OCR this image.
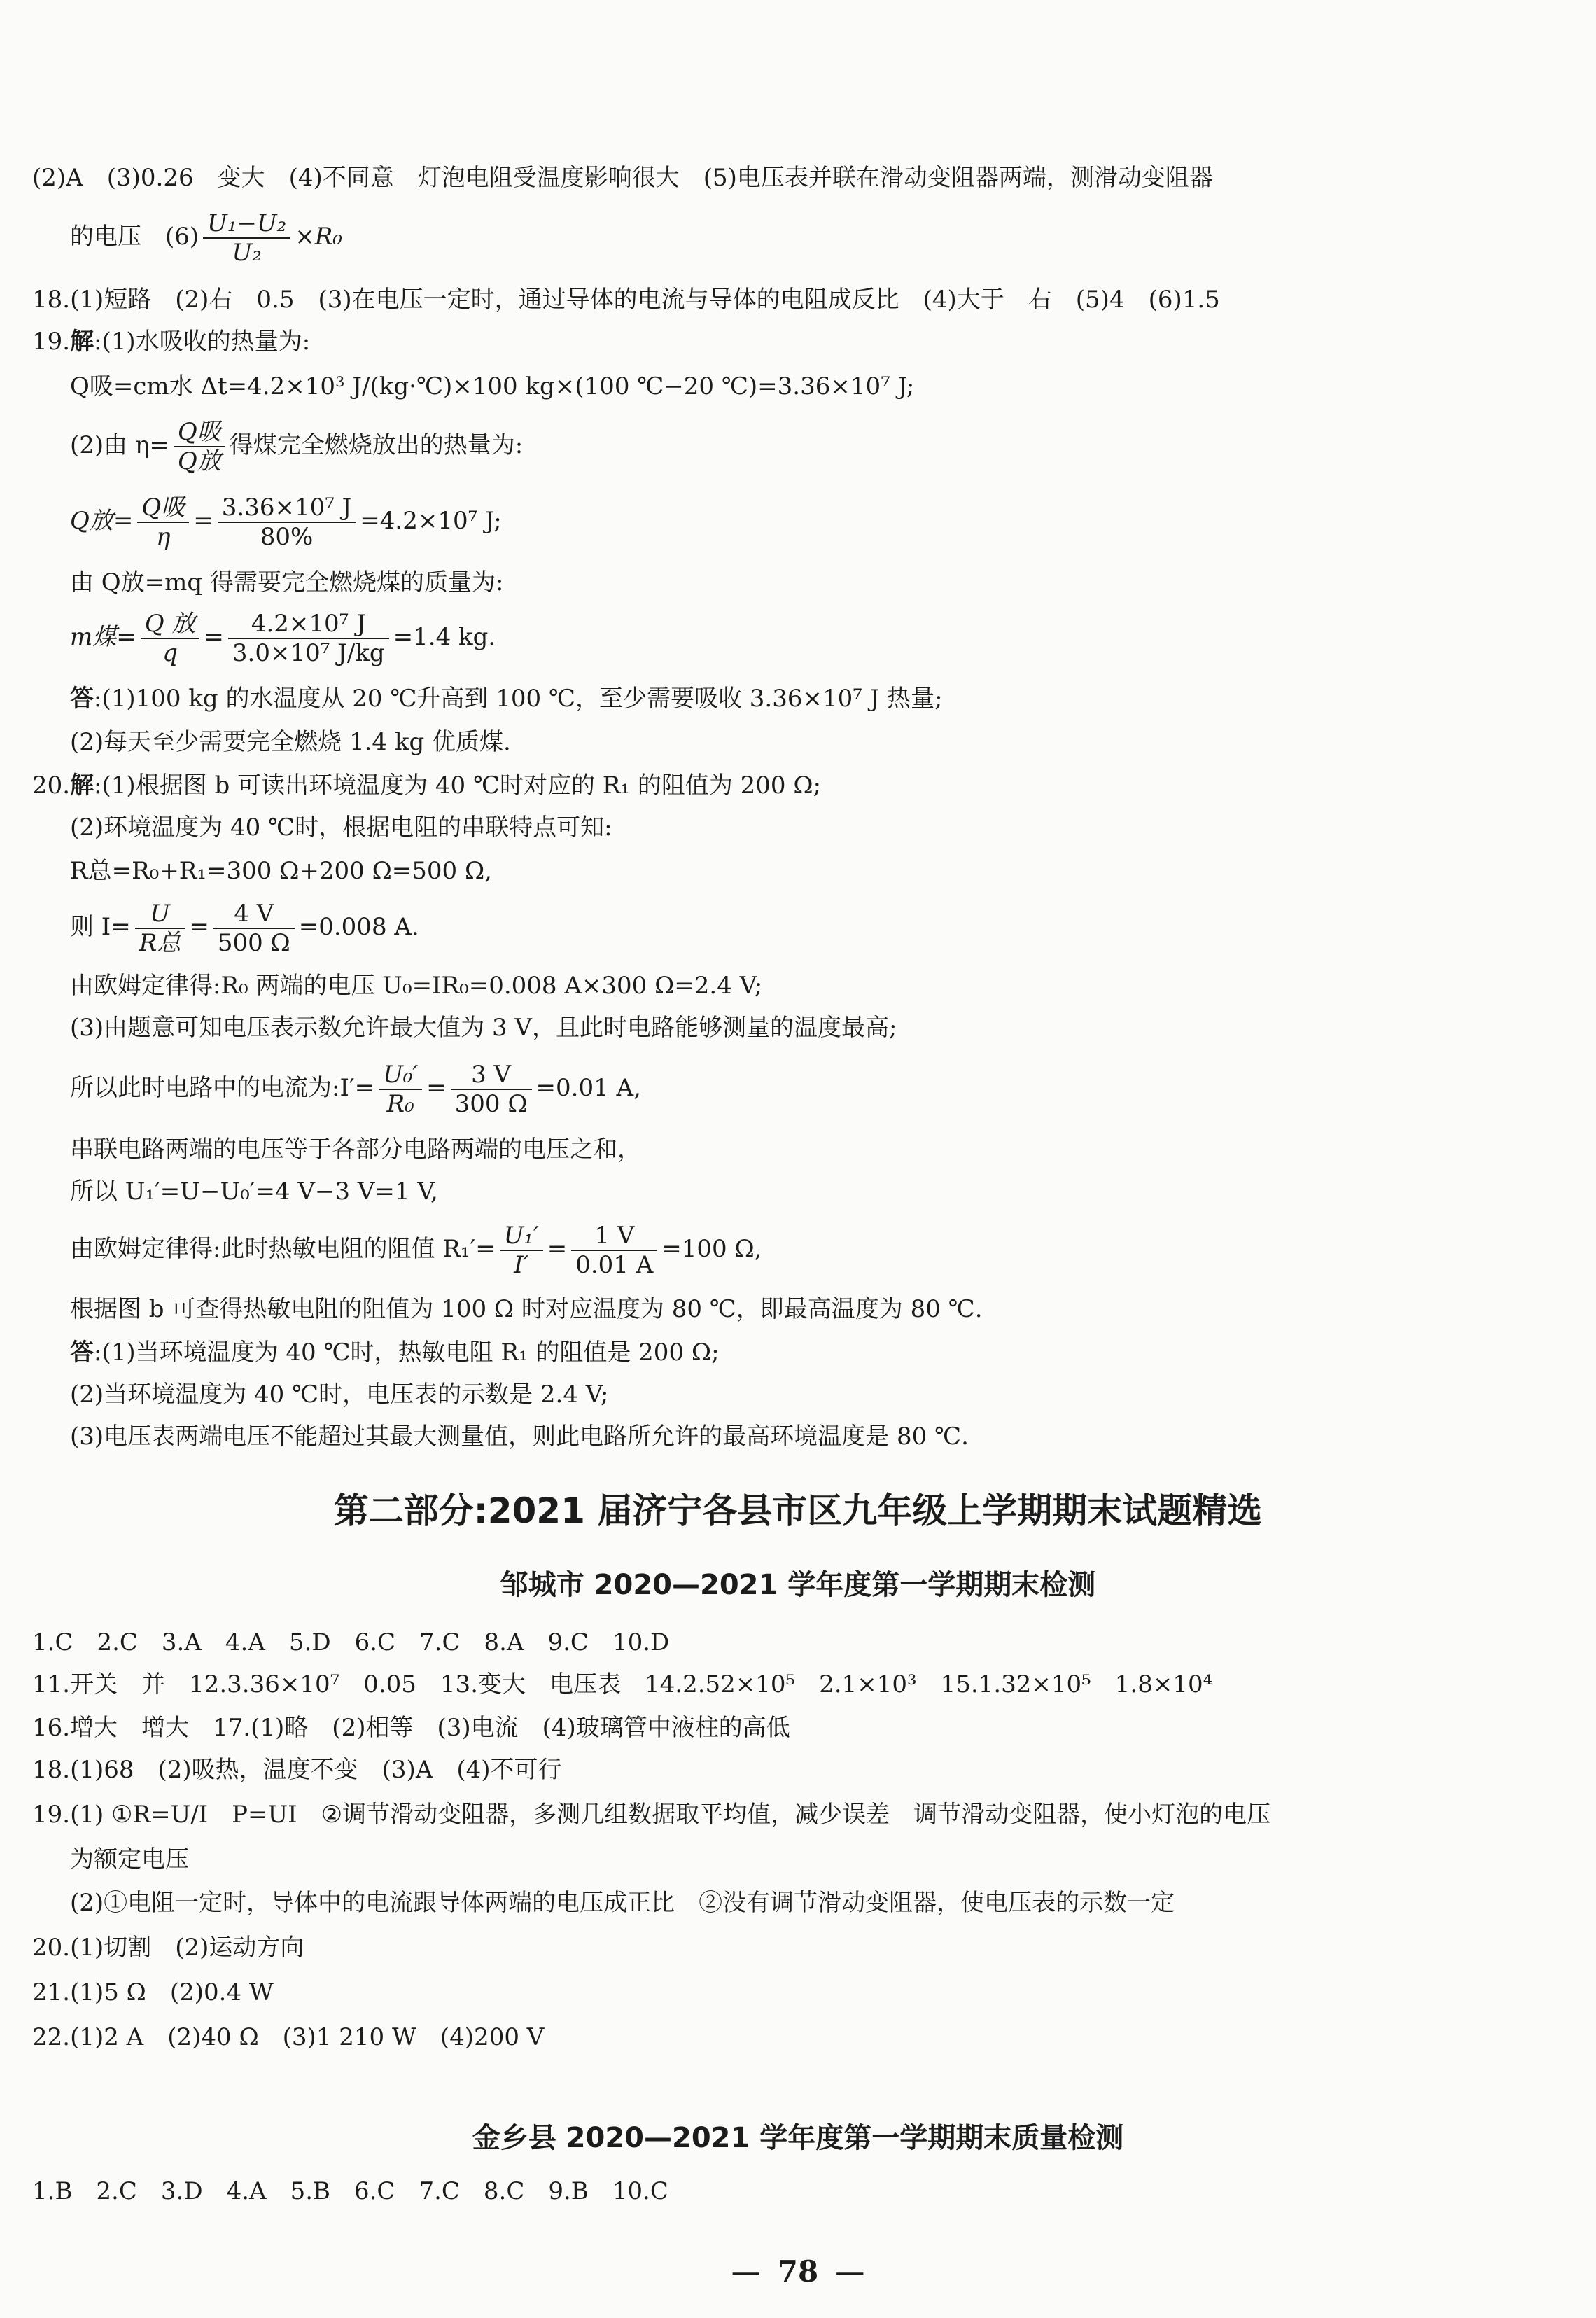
(2)A　(3)0.26　变大　(4)不同意　灯泡电阻受温度影响很大　(5)电压表并联在滑动变阻器两端，测滑动变阻器
的电压　$(6) \frac{\text{U₁−U₂}}{\text{U₂}} \times R_0$
18.(1)短路　(2)右　0.5　(3)在电压一定时，通过导体的电流与导体的电阻成反比　(4)大于　右　(5)4　(6)1.5
19.解:(1)水吸收的热量为:
Q吸=cm水 Δt=4.2×10³ J/(kg·℃)×100 kg×(100 ℃−20 ℃)=3.36×10⁷ J;
(2)由 $\eta= \frac{\text{Q吸}}{\text{Q放}}$ 得煤完全燃烧放出的热量为:
Q放= $\frac{\text{Q吸}}{\eta} = \frac{\text{3.36×10⁷ J}}{80\%} =4.2\times 10^7$ J;
由 Q放=mq 得需要完全燃烧煤的质量为:
m煤= $\frac{\text{Q 放}}{q} = \frac{\text{4.2×10⁷ J}}{\text{3.0×10⁷ J/kg}} =1.4$ kg.
答:(1)100 kg 的水温度从 20 ℃升高到 100 ℃，至少需要吸收 3.36×10⁷ J 热量;
(2)每天至少需要完全燃烧 1.4 kg 优质煤.
20.解:(1)根据图 b 可读出环境温度为 40 ℃时对应的 R₁ 的阻值为 200 Ω;
(2)环境温度为 40 ℃时，根据电阻的串联特点可知:
R总=R₀+R₁=300 Ω+200 Ω=500 Ω,
则 $I= \frac{U}{\text{R总}} = \frac{4 V}{500 \Omega} =0.008$ A.
由欧姆定律得:R₀ 两端的电压 U₀=IR₀=0.008 A×300 Ω=2.4 V;
(3)由题意可知电压表示数允许最大值为 3 V，且此时电路能够测量的温度最高;
所以此时电路中的电流为:I′= $\frac{\text{U₀′}}{\text{R₀}} = \frac{3 V}{300 \Omega} =0.01$ A,
串联电路两端的电压等于各部分电路两端的电压之和，
所以 U₁′=U−U₀′=4 V−3 V=1 V,
由欧姆定律得:此时热敏电阻的阻值 $R_1'= \frac{\text{U₁′}}{I'} = \frac{1 V}{0.01 A} =100$ Ω,
根据图 b 可查得热敏电阻的阻值为 100 Ω 时对应温度为 80 ℃，即最高温度为 80 ℃.
答:(1)当环境温度为 40 ℃时，热敏电阻 R₁ 的阻值是 200 Ω;
(2)当环境温度为 40 ℃时，电压表的示数是 2.4 V;
(3)电压表两端电压不能超过其最大测量值，则此电路所允许的最高环境温度是 80 ℃.
第二部分:2021 届济宁各县市区九年级上学期期末试题精选
邹城市 2020—2021 学年度第一学期期末检测
1.C　2.C　3.A　4.A　5.D　6.C　7.C　8.A　9.C　10.D
11.开关　并　12.3.36×10⁷　0.05　13.变大　电压表　14.2.52×10⁵　2.1×10³　15.1.32×10⁵　1.8×10⁴
16.增大　增大　17.(1)略　(2)相等　(3)电流　(4)玻璃管中液柱的高低
18.(1)68　(2)吸热，温度不变　(3)A　(4)不可行
19.(1) ①R=U/I　P=UI　②调节滑动变阻器，多测几组数据取平均值，减少误差　调节滑动变阻器，使小灯泡的电压
为额定电压
(2)①电阻一定时，导体中的电流跟导体两端的电压成正比　②没有调节滑动变阻器，使电压表的示数一定
20.(1)切割　(2)运动方向
21.(1)5 Ω　(2)0.4 W
22.(1)2 A　(2)40 Ω　(3)1 210 W　(4)200 V
金乡县 2020—2021 学年度第一学期期末质量检测
1.B　2.C　3.D　4.A　5.B　6.C　7.C　8.C　9.B　10.C
— 78 —
